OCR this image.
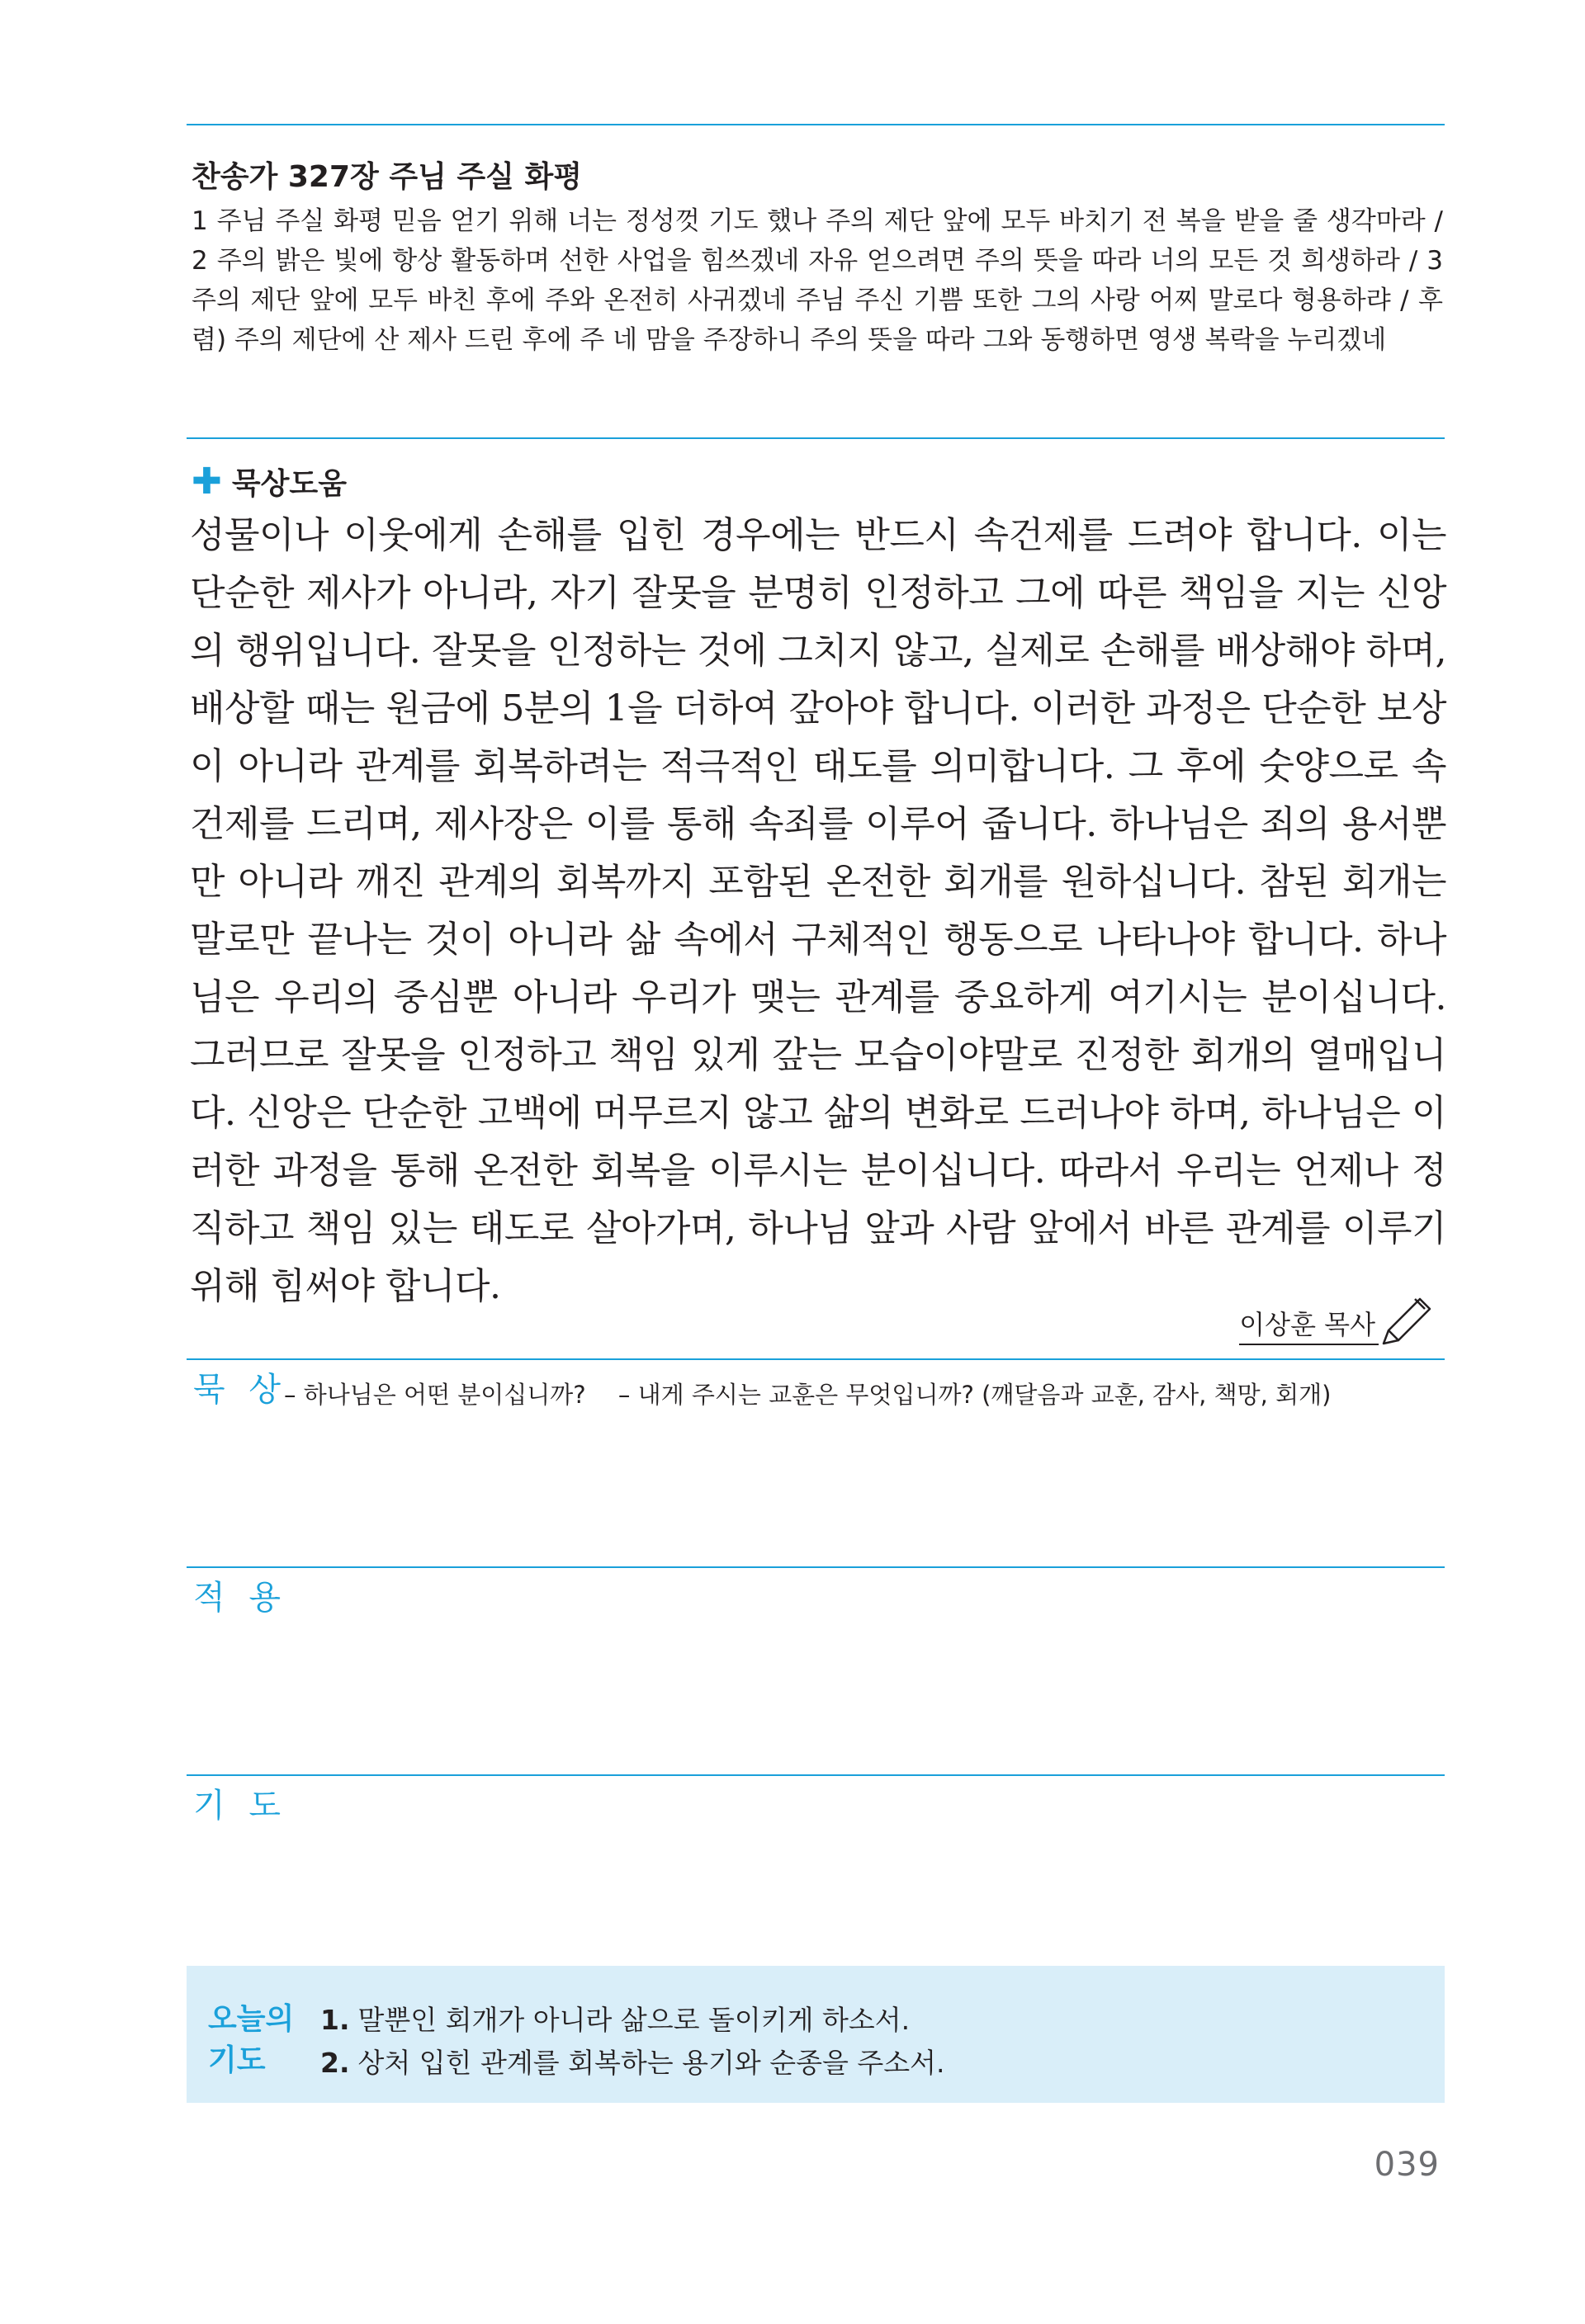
찬송가 327장 주님 주실 화평
1 주님 주실 화평 믿음 얻기 위해 너는 정성껏 기도 했나 주의 제단 앞에 모두 바치기 전 복을 받을 줄 생각마라 / 2 주의 밝은 빛에 항상 활동하며 선한 사업을 힘쓰겠네 자유 얻으려면 주의 뜻을 따라 너의 모든 것 희생하라 / 3 주의 제단 앞에 모두 바친 후에 주와 온전히 사귀겠네 주님 주신 기쁨 또한 그의 사랑 어찌 말로다 형용하랴 / 후렴) 주의 제단에 산 제사 드린 후에 주 네 맘을 주장하니 주의 뜻을 따라 그와 동행하면 영생 복락을 누리겠네
✚ 묵상도움
성물이나 이웃에게 손해를 입힌 경우에는 반드시 속건제를 드려야 합니다. 이는 단순한 제사가 아니라, 자기 잘못을 분명히 인정하고 그에 따른 책임을 지는 신앙의 행위입니다. 잘못을 인정하는 것에 그치지 않고, 실제로 손해를 배상해야 하며, 배상할 때는 원금에 5분의 1을 더하여 갚아야 합니다. 이러한 과정은 단순한 보상이 아니라 관계를 회복하려는 적극적인 태도를 의미합니다. 그 후에 숫양으로 속건제를 드리며, 제사장은 이를 통해 속죄를 이루어 줍니다. 하나님은 죄의 용서뿐만 아니라 깨진 관계의 회복까지 포함된 온전한 회개를 원하십니다. 참된 회개는 말로만 끝나는 것이 아니라 삶 속에서 구체적인 행동으로 나타나야 합니다. 하나님은 우리의 중심뿐 아니라 우리가 맺는 관계를 중요하게 여기시는 분이십니다. 그러므로 잘못을 인정하고 책임 있게 갚는 모습이야말로 진정한 회개의 열매입니다. 신앙은 단순한 고백에 머무르지 않고 삶의 변화로 드러나야 하며, 하나님은 이러한 과정을 통해 온전한 회복을 이루시는 분이십니다. 따라서 우리는 언제나 정직하고 책임 있는 태도로 살아가며, 하나님 앞과 사람 앞에서 바른 관계를 이루기 위해 힘써야 합니다.
이상훈 목사
묵 상
– 하나님은 어떤 분이십니까? – 내게 주시는 교훈은 무엇입니까? (깨달음과 교훈, 감사, 책망, 회개)
적 용
기 도
오늘의
기도
1. 말뿐인 회개가 아니라 삶으로 돌이키게 하소서.
2. 상처 입힌 관계를 회복하는 용기와 순종을 주소서.
039
